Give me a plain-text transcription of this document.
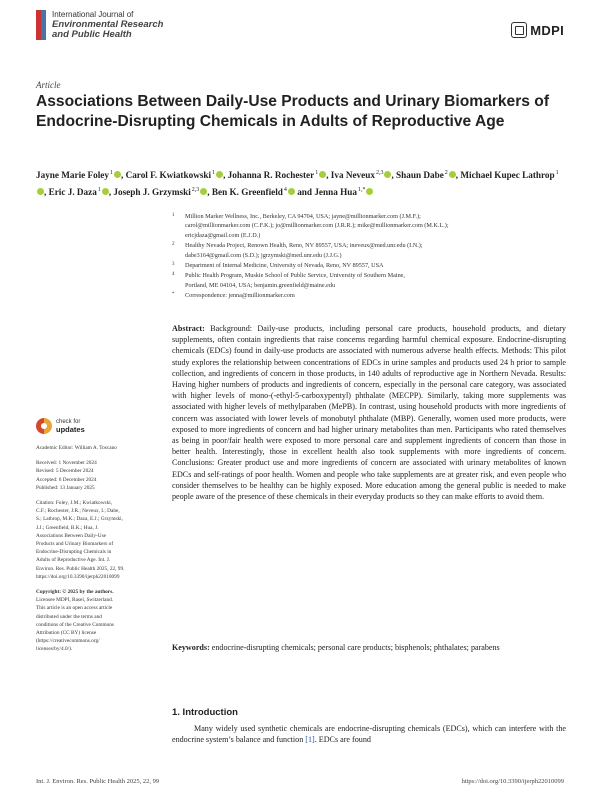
International Journal of
Environmental Research
and Public Health	MDPI
Article
Associations Between Daily-Use Products and Urinary Biomarkers of Endocrine-Disrupting Chemicals in Adults of Reproductive Age
Jayne Marie Foley$^1$ , Carol F. Kwiatkowski$^1$ , Johanna R. Rochester$^1$ , Iva Neveux$^{2,3}$ , Shaun Dabe$^2$ , Michael Kupec Lathrop$^1$, Eric J. Daza$^1$ , Joseph J. Grzymski$^{2,3}$ , Ben K. Greenfield$^4$ and Jenna Hua$^{1,*}$
1 Million Marker Wellness, Inc., Berkeley, CA 94704, USA; jayne@millionmarker.com (J.M.F.);
carol@millionmarker.com (C.F.K.); jo@millionmarker.com (J.R.R.); mike@millionmarker.com (M.K.L.);
ericjdaza@gmail.com (E.J.D.)
2 Healthy Nevada Project, Renown Health, Reno, NV 89557, USA; ineveux@med.unr.edu (I.N.);
dabe3164@gmail.com (S.D.); jgrzymski@med.unr.edu (J.J.G.)
3 Department of Internal Medicine, University of Nevada, Reno, NV 89557, USA
4 Public Health Program, Muskie School of Public Service, University of Southern Maine,
Portland, ME 04104, USA; benjamin.greenfield@maine.edu
* Correspondence: jenna@millionmarker.com
check for
updates
Academic Editor: William A. Toscano
Received: 1 November 2024
Revised: 5 December 2024
Accepted: 6 December 2024
Published: 13 January 2025
Citation: Foley, J.M.; Kwiatkowski,
C.F.; Rochester, J.R.; Neveux, I.; Dabe,
S.; Lathrop, M.K.; Daza, E.J.; Grzymski,
J.J.; Greenfield, B.K.; Hua, J.
Associations Between Daily-Use
Products and Urinary Biomarkers of
Endocrine-Disrupting Chemicals in
Adults of Reproductive Age. Int. J.
Environ. Res. Public Health 2025, 22, 99.
https://doi.org/10.3390/ijerph22010099
Copyright: © 2025 by the authors.
Licensee MDPI, Basel, Switzerland.
This article is an open access article
distributed under the terms and
conditions of the Creative Commons
Attribution (CC BY) license
(https://creativecommons.org/
licenses/by/4.0/).
Abstract: Background: Daily-use products, including personal care products, household products, and dietary supplements, often contain ingredients that raise concerns regarding harmful chemical exposure. Endocrine-disrupting chemicals (EDCs) found in daily-use products are associated with numerous adverse health effects. Methods: This pilot study explores the relationship between concentrations of EDCs in urine samples and products used 24 h prior to sample collection, and ingredients of concern in those products, in 140 adults of reproductive age in Northern Nevada. Results: Having higher numbers of products and ingredients of concern, especially in the personal care category, was associated with higher levels of mono-(-ethyl-5-carboxypentyl) phthalate (MECPP). Similarly, taking more supplements was associated with higher levels of methylparaben (MePB). In contrast, using household products with more ingredients of concern was associated with lower levels of monobutyl phthalate (MBP). Generally, women used more products, were exposed to more ingredients of concern and had higher urinary metabolites than men. Participants who rated themselves as being in poor/fair health were exposed to more personal care and supplement ingredients of concern than those in better health. Interestingly, those in excellent health also took supplements with more ingredients of concern. Conclusions: Greater product use and more ingredients of concern are associated with urinary metabolites of known EDCs and self-ratings of poor health. Women and people who take supplements are at greater risk, and even people who consider themselves to be healthy can be highly exposed. More education among the general public is needed to make people aware of the presence of these chemicals in their everyday products so they can make efforts to avoid them.
Keywords: endocrine-disrupting chemicals; personal care products; bisphenols; phthalates; parabens
1. Introduction
Many widely used synthetic chemicals are endocrine-disrupting chemicals (EDCs), which can interfere with the endocrine system’s balance and function [1]. EDCs are found
Int. J. Environ. Res. Public Health 2025, 22, 99	https://doi.org/10.3390/ijerph22010099
